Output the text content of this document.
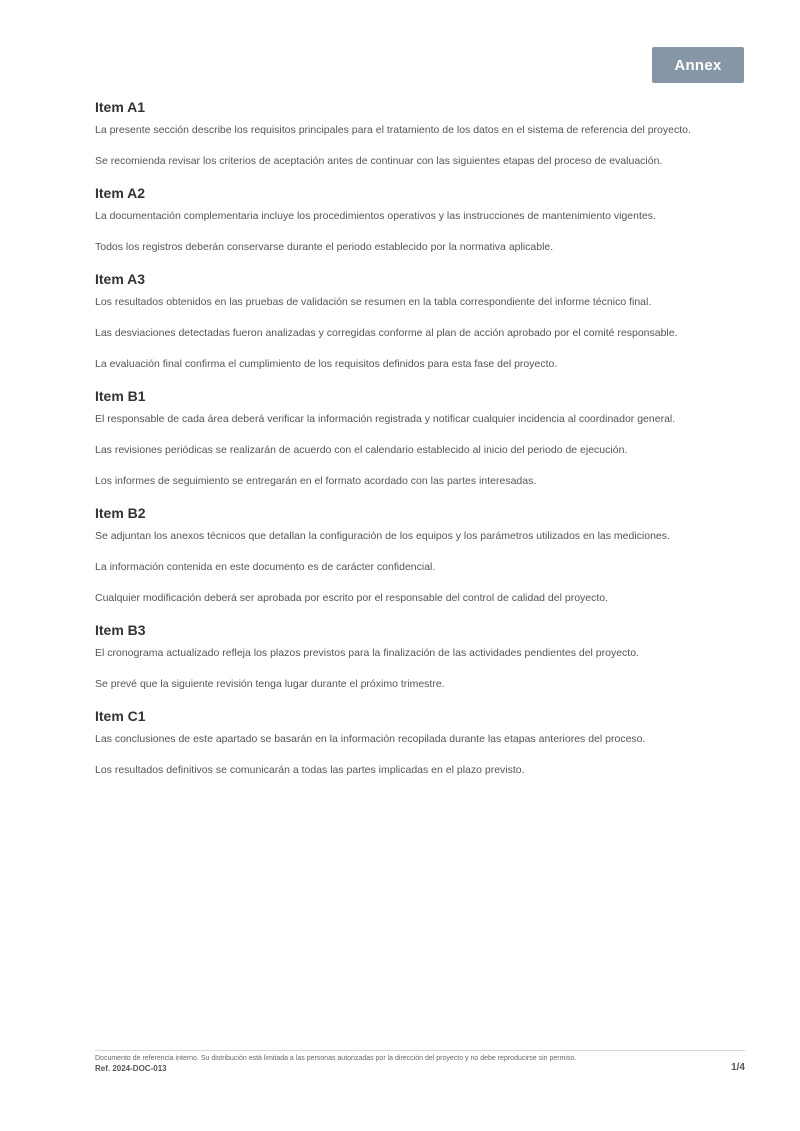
Annex
Item A1

La presente sección describe los requisitos principales para el tratamiento de los datos en el sistema de referencia del proyecto.

Se recomienda revisar los criterios de aceptación antes de continuar con las siguientes etapas del proceso de evaluación.

Item A2

La documentación complementaria incluye los procedimientos operativos y las instrucciones de mantenimiento vigentes.

Todos los registros deberán conservarse durante el periodo establecido por la normativa aplicable.

Item A3

Los resultados obtenidos en las pruebas de validación se resumen en la tabla correspondiente del informe técnico final.

Las desviaciones detectadas fueron analizadas y corregidas conforme al plan de acción aprobado por el comité responsable.

La evaluación final confirma el cumplimiento de los requisitos definidos para esta fase del proyecto.

Item B1

El responsable de cada área deberá verificar la información registrada y notificar cualquier incidencia al coordinador general.

Las revisiones periódicas se realizarán de acuerdo con el calendario establecido al inicio del periodo de ejecución.

Los informes de seguimiento se entregarán en el formato acordado con las partes interesadas.

Item B2

Se adjuntan los anexos técnicos que detallan la configuración de los equipos y los parámetros utilizados en las mediciones.

La información contenida en este documento es de carácter confidencial.

Cualquier modificación deberá ser aprobada por escrito por el responsable del control de calidad del proyecto.

Item B3

El cronograma actualizado refleja los plazos previstos para la finalización de las actividades pendientes del proyecto.

Se prevé que la siguiente revisión tenga lugar durante el próximo trimestre.

Item C1

Las conclusiones de este apartado se basarán en la información recopilada durante las etapas anteriores del proceso.

Los resultados definitivos se comunicarán a todas las partes implicadas en el plazo previsto.

Documento de referencia interno. Su distribución está limitada a las personas autorizadas por la dirección del proyecto y no debe reproducirse sin permiso.
Ref. 2024-DOC-013	1/4
